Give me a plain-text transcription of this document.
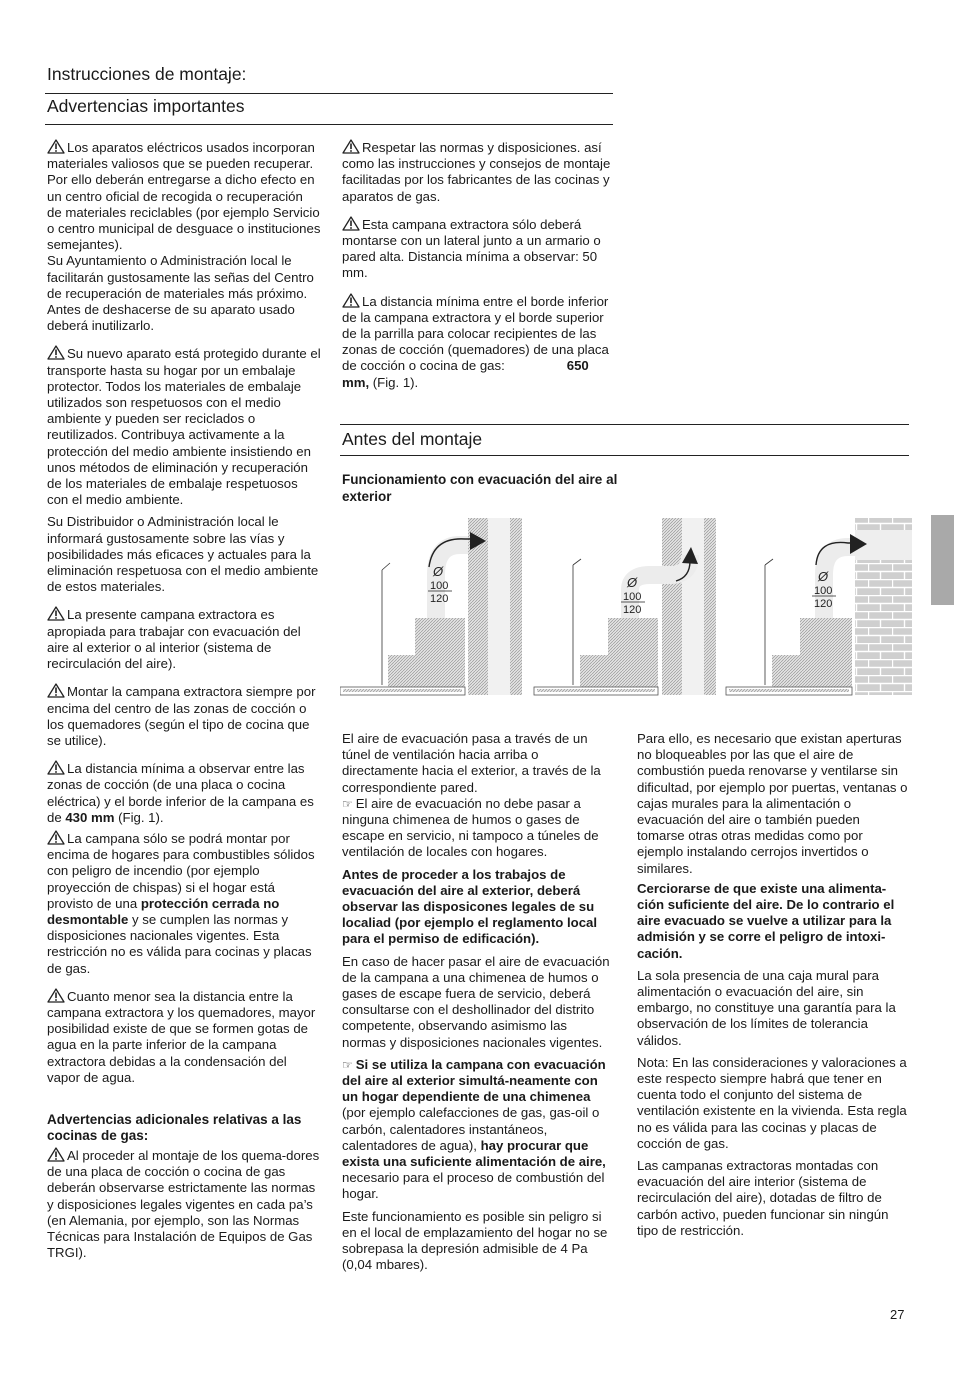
Instrucciones de montaje:
Advertencias importantes

Los aparatos eléctricos usados incorporan materiales valiosos que se pueden recuperar. Por ello deberán entregarse a dicho efecto en un centro oficial de recogida o recuperación de materiales reciclables (por ejemplo Servicio o centro municipal de desguace o instituciones semejantes).

Su Ayuntamiento o Administración local le facilitarán gustosamente las señas del Centro de recuperación de materiales más próximo.

Antes de deshacerse de su aparato usado deberá inutilizarlo.

Su nuevo aparato está protegido durante el transporte hasta su hogar por un embalaje protector. Todos los materiales de embalaje utilizados son respetuosos con el medio ambiente y pueden ser reciclados o reutilizados. Contribuya activamente a la protección del medio ambiente insistiendo en unos métodos de eliminación y recuperación de los materiales de embalaje respetuosos con el medio ambiente.

Su Distribuidor o Administración local le informará gustosamente sobre las vías y posibilidades más eficaces y actuales para la eliminación respetuosa con el medio ambiente de estos materiales.

La presente campana extractora es apropiada para trabajar con evacuación del aire al exterior o al interior (sistema de recirculación del aire).

Montar la campana extractora siempre por encima del centro de las zonas de cocción o los quemadores (según el tipo de cocina que se utilice).

La distancia mínima a observar entre las zonas de cocción (de una placa o cocina eléctrica) y el borde inferior de la campana es de 430 mm (Fig. 1).

La campana sólo se podrá montar por encima de hogares para combustibles sólidos con peligro de incendio (por ejemplo proyección de chispas) si el hogar está provisto de una protección cerrada no desmontable y se cumplen las normas y disposiciones nacionales vigentes. Esta restricción no es válida para cocinas y placas de gas.

Cuanto menor sea la distancia entre la campana extractora y los quemadores, mayor posibilidad existe de que se formen gotas de agua en la parte inferior de la campana extractora debidas a la condensación del vapor de agua.

Advertencias adicionales relativas a las cocinas de gas:

Al proceder al montaje de los quema-dores de una placa de cocción o cocina de gas deberán observarse estrictamente las normas y disposiciones legales vigentes en cada pa’s (en Alemania, por ejemplo, son las Normas Técnicas para Instalación de Equipos de Gas TRGI).

Respetar las normas y disposiciones. así como las instrucciones y consejos de montaje facilitadas por los fabricantes de las cocinas y aparatos de gas.

Esta campana extractora sólo deberá montarse con un lateral junto a un armario o pared alta. Distancia mínima a observar: 50 mm.

La distancia mínima entre el borde inferior de la campana extractora y el borde superior de la parrilla para colocar recipientes de las zonas de cocción (quemadores) de una placa de cocción o cocina de gas:	650 mm, (Fig. 1).

Antes del montaje
Funcionamiento con evacuación del aire al exterior
Ø
100
120
Ø
100
120
Ø
100
120

El aire de evacuación pasa a través de un túnel de ventilación hacia arriba o directamente hacia el exterior, a través de la correspondiente pared.

☞ El aire de evacuación no debe pasar a ninguna chimenea de humos o gases de escape en servicio, ni tampoco a túneles de ventilación de locales con hogares.

Antes de proceder a los trabajos de evacuación del aire al exterior, deberá observar las disposicones legales de su localiad (por ejemplo el reglamento local para el permiso de edificación).

En caso de hacer pasar el aire de evacuación de la campana a una chimenea de humos o gases de escape fuera de servicio, deberá consultarse con el deshollinador del distrito competente, observando asimismo las normas y disposiciones nacionales vigentes.

☞ Si se utiliza la campana con evacuación del aire al exterior simultá-neamente con un hogar dependiente de una chimenea (por ejemplo calefacciones de gas, gas-oil o carbón, calentadores instantáneos, calentadores de agua), hay procurar que exista una suficiente alimentación de aire, necesario para el proceso de combustión del hogar.

Este funcionamiento es posible sin peligro si en el local de emplazamiento del hogar no se sobrepasa la depresión admisible de 4 Pa (0,04 mbares).

Para ello, es necesario que existan aperturas no bloqueables por las que el aire de combustión pueda renovarse y ventilarse sin dificultad, por ejemplo por puertas, ventanas o cajas murales para la alimentación o evacuación del aire o también pueden tomarse otras otras medidas como por ejemplo instalando cerrojos invertidos o similares.

Cerciorarse de que existe una alimenta-ción suficiente del aire. De lo contrario el aire evacuado se vuelve a utilizar para la admisión y se corre el peligro de intoxi-cación.

La sola presencia de una caja mural para alimentación o evacuación del aire, sin embargo, no constituye una garantía para la observación de los límites de tolerancia válidos.

Nota: En las consideraciones y valoraciones a este respecto siempre habrá que tener en cuenta todo el conjunto del sistema de ventilación existente en la vivienda. Esta regla no es válida para las cocinas y placas de cocción de gas.

Las campanas extractoras montadas con evacuación del aire interior (sistema de recirculación del aire), dotadas de filtro de carbón activo, pueden funcionar sin ningún tipo de restricción.

27
